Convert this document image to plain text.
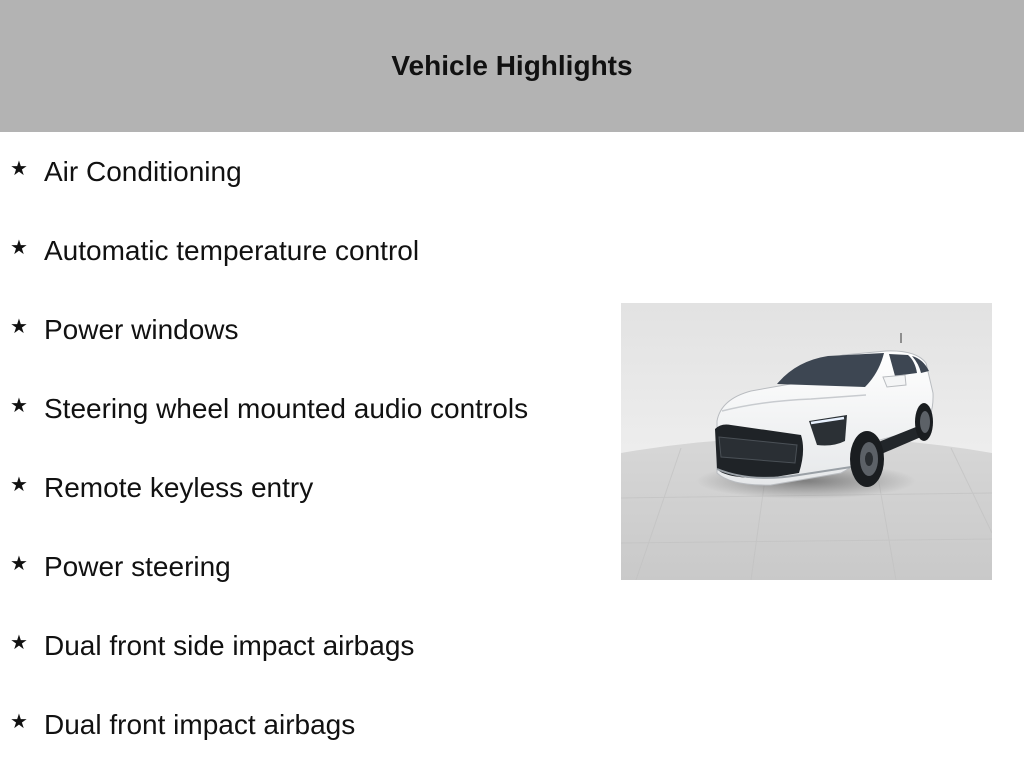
Vehicle Highlights
★ Air Conditioning
★ Automatic temperature control
★ Power windows
★ Steering wheel mounted audio controls
★ Remote keyless entry
★ Power steering
★ Dual front side impact airbags
★ Dual front impact airbags
